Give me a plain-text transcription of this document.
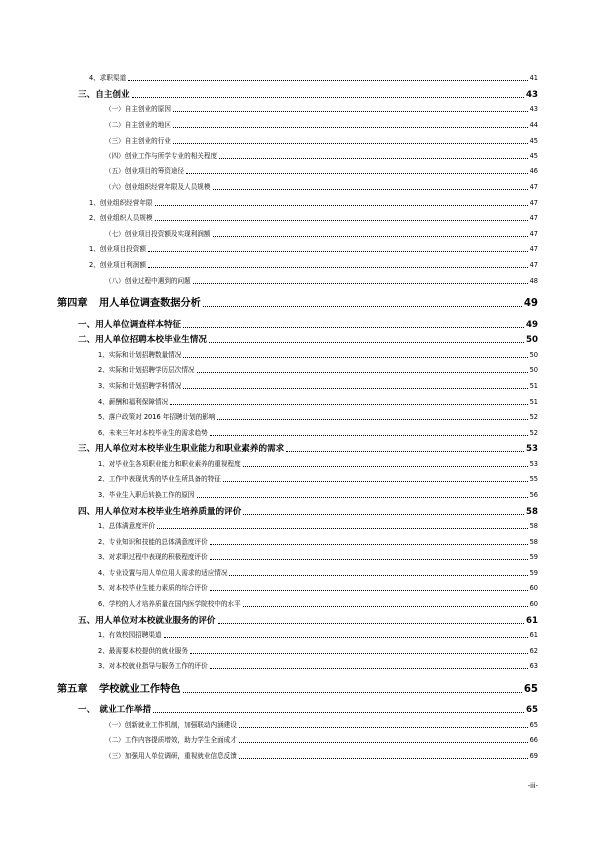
4、求职渠道	41
三、自主创业	43
（一）自主创业的原因	43
（二）自主创业的地区	44
（三）自主创业的行业	45
（四）创业工作与所学专业的相关程度	45
（五）创业项目的筹资途径	46
（六）创业组织经营年限及人员规模	47
1、创业组织经营年限	47
2、创业组织人员规模	47
（七）创业项目投资额及实现利润额	47
1、创业项目投资额	47
2、创业项目利润额	47
（八）创业过程中遇到的问题	48
第四章 用人单位调查数据分析	49
一、用人单位调查样本特征	49
二、用人单位招聘本校毕业生情况	50
1、实际和计划招聘数量情况	50
2、实际和计划招聘学历层次情况	50
3、实际和计划招聘学科情况	51
4、薪酬和福利保障情况	51
5、落户政策对 2016 年招聘计划的影响	52
6、未来三年对本校毕业生的需求趋势	52
三、用人单位对本校毕业生职业能力和职业素养的需求	53
1、对毕业生各项职业能力和职业素养的重视程度	53
2、工作中表现优秀的毕业生所具备的特征	55
3、毕业生入职后转换工作的原因	56
四、用人单位对本校毕业生培养质量的评价	58
1、总体满意度评价	58
2、专业知识和技能的总体满意度评价	58
3、对求职过程中表现的积极程度评价	59
4、专业设置与用人单位用人需求的适应情况	59
5、对本校毕业生能力素质的综合评价	60
6、学校的人才培养质量在国内医学院校中的水平	60
五、用人单位对本校就业服务的评价	61
1、有效校园招聘渠道	61
2、最需要本校提供的就业服务	62
3、对本校就业指导与服务工作的评价	63
第五章 学校就业工作特色	65
一、　就业工作举措	65
（一）创新就业工作机制，加强联动内涵建设	65
（二）工作内容提质增效，助力学生全面成才	66
（三）加强用人单位调研，重视就业信息反馈	69
-iii-
